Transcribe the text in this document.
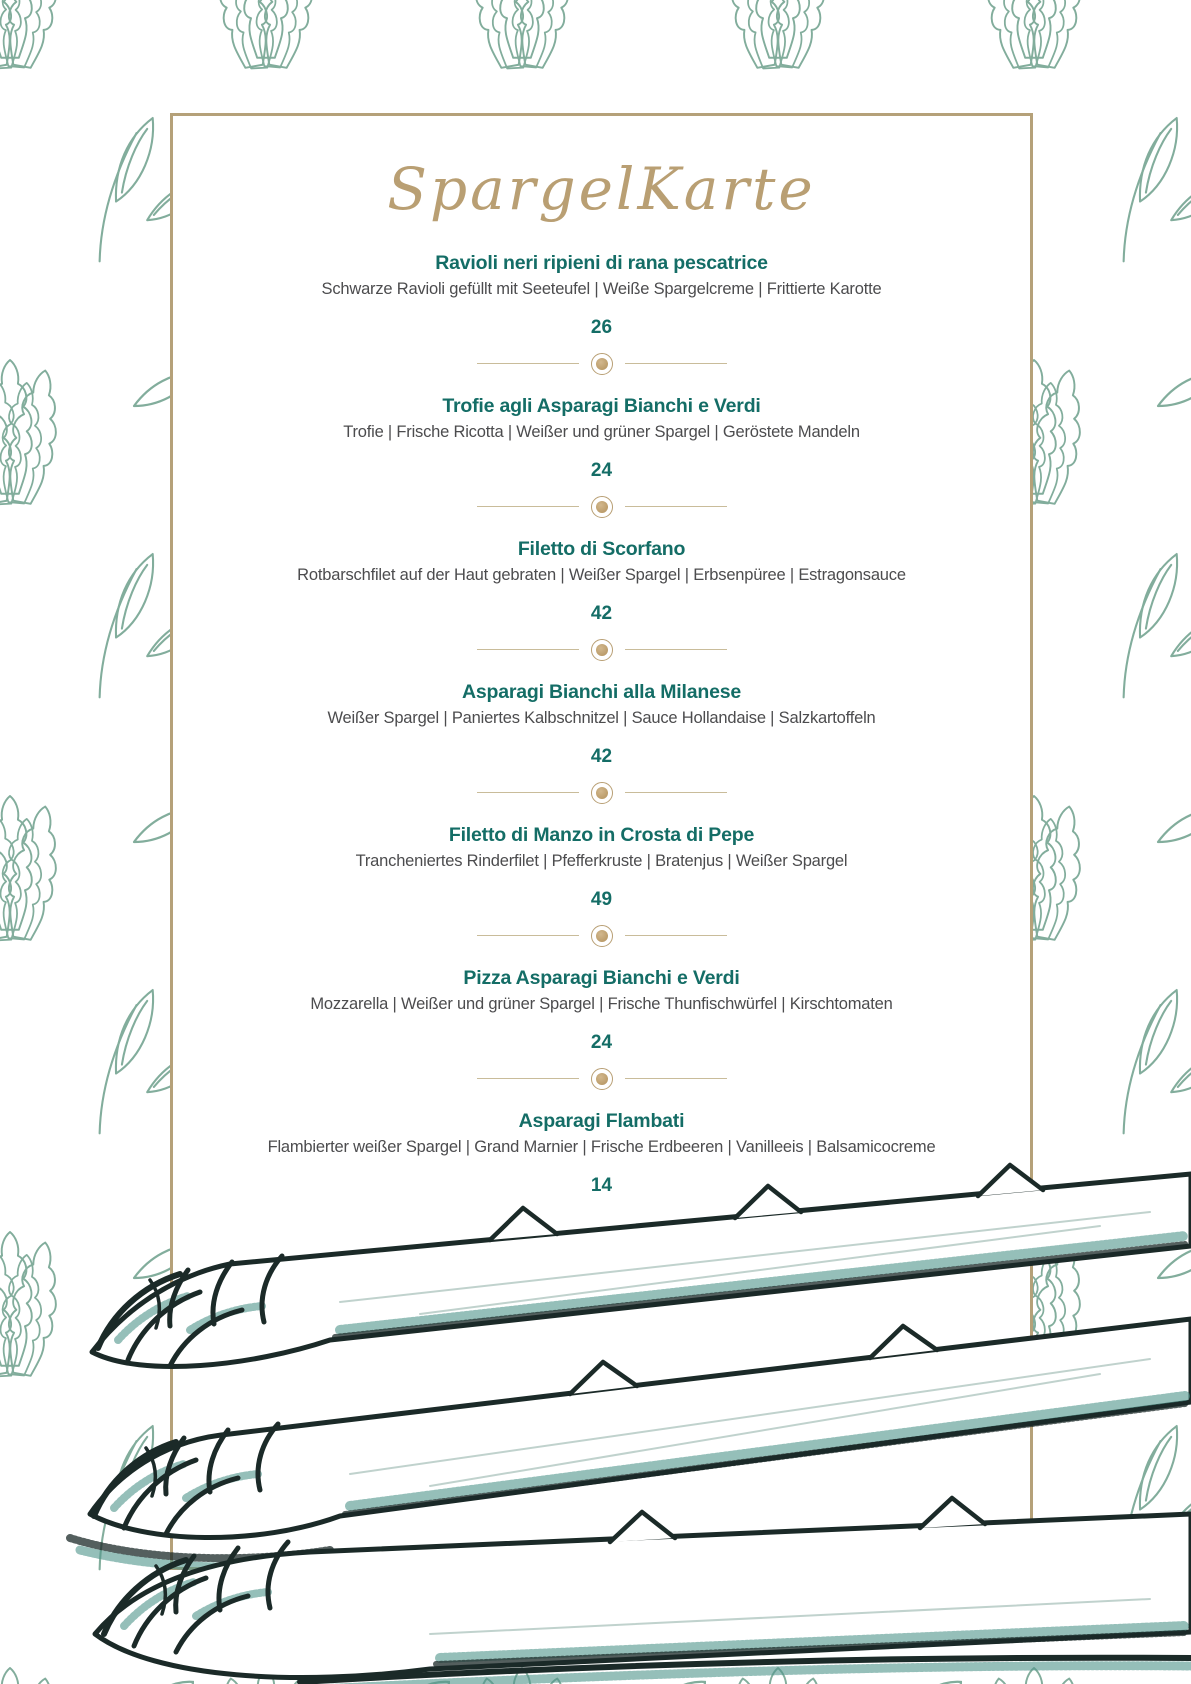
SpargelKarte

Ravioli neri ripieni di rana pescatrice

Schwarze Ravioli gefüllt mit Seeteufel | Weiße Spargelcreme | Frittierte Karotte

26

Trofie agli Asparagi Bianchi e Verdi

Trofie | Frische Ricotta | Weißer und grüner Spargel | Geröstete Mandeln

24

Filetto di Scorfano

Rotbarschfilet auf der Haut gebraten | Weißer Spargel | Erbsenpüree | Estragonsauce

42

Asparagi Bianchi alla Milanese

Weißer Spargel | Paniertes Kalbschnitzel | Sauce Hollandaise | Salzkartoffeln

42

Filetto di Manzo in Crosta di Pepe

Trancheniertes Rinderfilet | Pfefferkruste | Bratenjus | Weißer Spargel

49

Pizza Asparagi Bianchi e Verdi

Mozzarella | Weißer und grüner Spargel | Frische Thunfischwürfel | Kirschtomaten

24

Asparagi Flambati

Flambierter weißer Spargel | Grand Marnier | Frische Erdbeeren | Vanilleeis | Balsamicocreme

14
